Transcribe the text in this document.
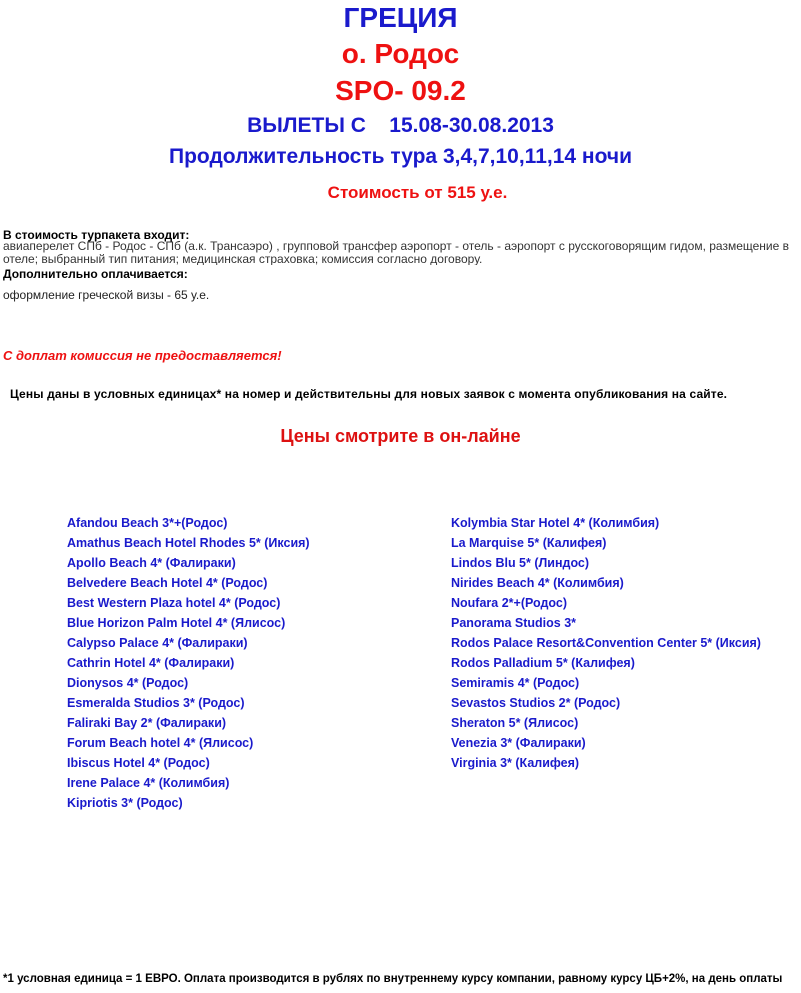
ГРЕЦИЯ
о. Родос
SPO- 09.2
ВЫЛЕТЫ С    15.08-30.08.2013
Продолжительность тура 3,4,7,10,11,14 ночи
Стоимость от 515 у.е.
В стоимость турпакета входит:
авиаперелет СПб - Родос - СПб (а.к. Трансаэро) , групповой трансфер аэропорт - отель - аэропорт с русскоговорящим гидом, размещение в отеле; выбранный тип питания; медицинская страховка; комиссия согласно договору.
Дополнительно оплачивается:
оформление греческой визы - 65 у.е.
С доплат комиссия не предоставляется!
Цены даны в условных единицах* на номер и действительны для новых заявок с момента опубликования на сайте.
Цены смотрите в он-лайне
Afandou Beach 3*+(Родос)
Amathus Beach Hotel Rhodes 5* (Иксия)
Apollo Beach 4* (Фалираки)
Belvedere Beach Hotel 4* (Родос)
Best Western Plaza hotel 4* (Родос)
Blue Horizon Palm Hotel 4* (Ялисос)
Calypso Palace 4* (Фалираки)
Cathrin Hotel 4* (Фалираки)
Dionysos 4* (Родос)
Esmeralda Studios 3* (Родос)
Faliraki Bay 2* (Фалираки)
Forum Beach hotel 4* (Ялисос)
Ibiscus Hotel 4* (Родос)
Irene Palace 4* (Колимбия)
Kipriotis 3* (Родос)
Kolymbia Star Hotel 4* (Колимбия)
La Marquise 5* (Калифея)
Lindos Blu 5* (Линдос)
Nirides Beach 4* (Колимбия)
Noufara 2*+(Родос)
Panorama Studios 3*
Rodos Palace Resort&Convention Center 5* (Иксия)
Rodos Palladium 5* (Калифея)
Semiramis 4* (Родос)
Sevastos Studios 2* (Родос)
Sheraton 5* (Ялисос)
Venezia 3* (Фалираки)
Virginia 3* (Калифея)
*1 условная единица = 1 ЕВРО. Оплата производится в рублях по внутреннему курсу компании, равному курсу ЦБ+2%, на день оплаты
